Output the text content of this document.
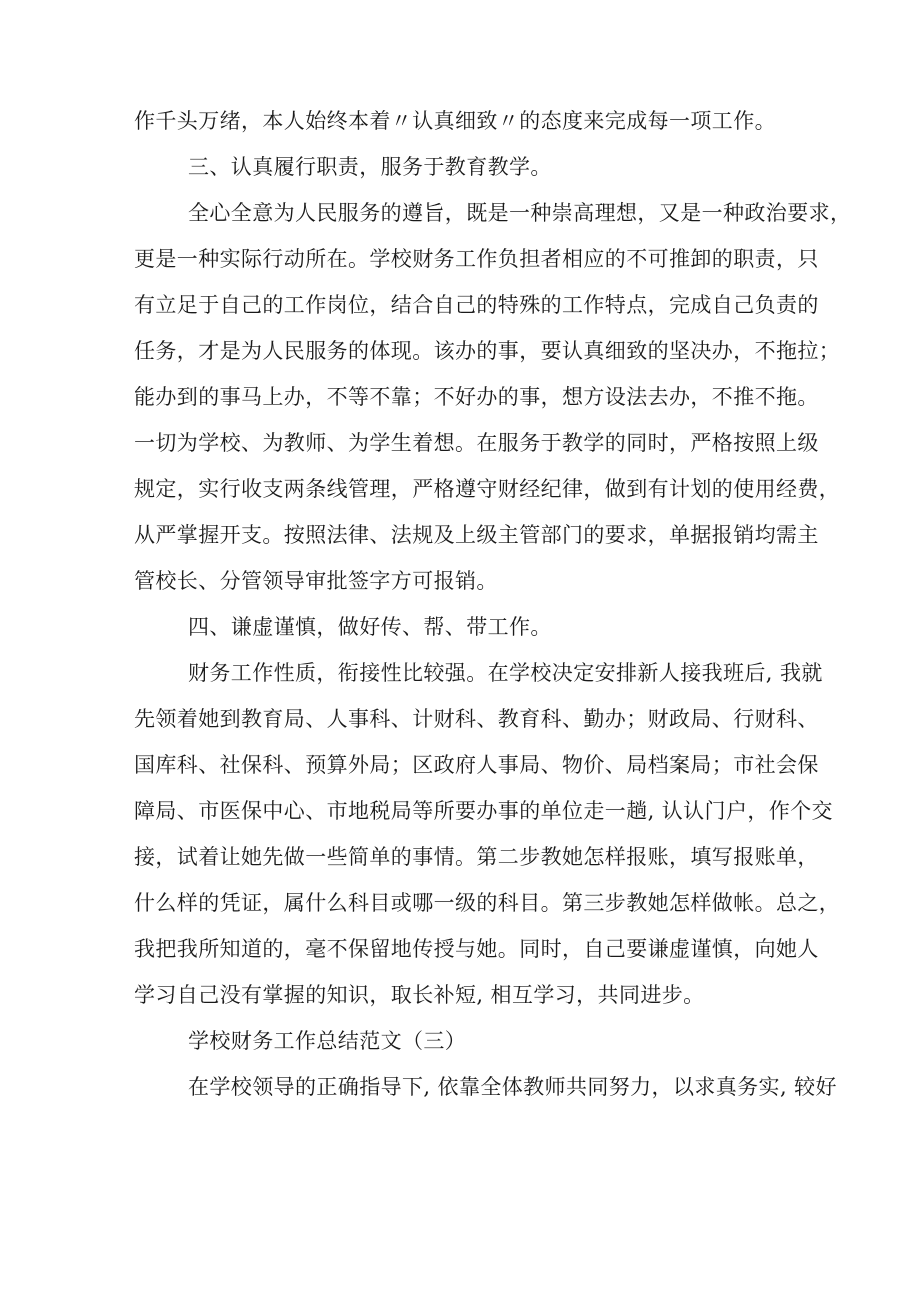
作千头万绪，本人始终本着〃认真细致〃的态度来完成每一项工作。
三、认真履行职责，服务于教育教学。
全心全意为人民服务的遵旨，既是一种崇高理想，又是一种政治要求，
更是一种实际行动所在。学校财务工作负担者相应的不可推卸的职责，只
有立足于自己的工作岗位，结合自己的特殊的工作特点，完成自己负责的
任务，才是为人民服务的体现。该办的事，要认真细致的坚决办，不拖拉；
能办到的事马上办，不等不靠；不好办的事，想方设法去办，不推不拖。
一切为学校、为教师、为学生着想。在服务于教学的同时，严格按照上级
规定，实行收支两条线管理，严格遵守财经纪律，做到有计划的使用经费，
从严掌握开支。按照法律、法规及上级主管部门的要求，单据报销均需主
管校长、分管领导审批签字方可报销。
四、谦虚谨慎，做好传、帮、带工作。
财务工作性质，衔接性比较强。在学校决定安排新人接我班后, 我就
先领着她到教育局、人事科、计财科、教育科、勤办；财政局、行财科、
国库科、社保科、预算外局；区政府人事局、物价、局档案局；市社会保
障局、市医保中心、市地税局等所要办事的单位走一趟, 认认门户，作个交
接，试着让她先做一些简单的事情。第二步教她怎样报账，填写报账单，
什么样的凭证，属什么科目或哪一级的科目。第三步教她怎样做帐。总之，
我把我所知道的，毫不保留地传授与她。同时，自己要谦虚谨慎，向她人
学习自己没有掌握的知识，取长补短, 相互学习，共同进步。
学校财务工作总结范文（三）
在学校领导的正确指导下, 依靠全体教师共同努力，以求真务实, 较好
